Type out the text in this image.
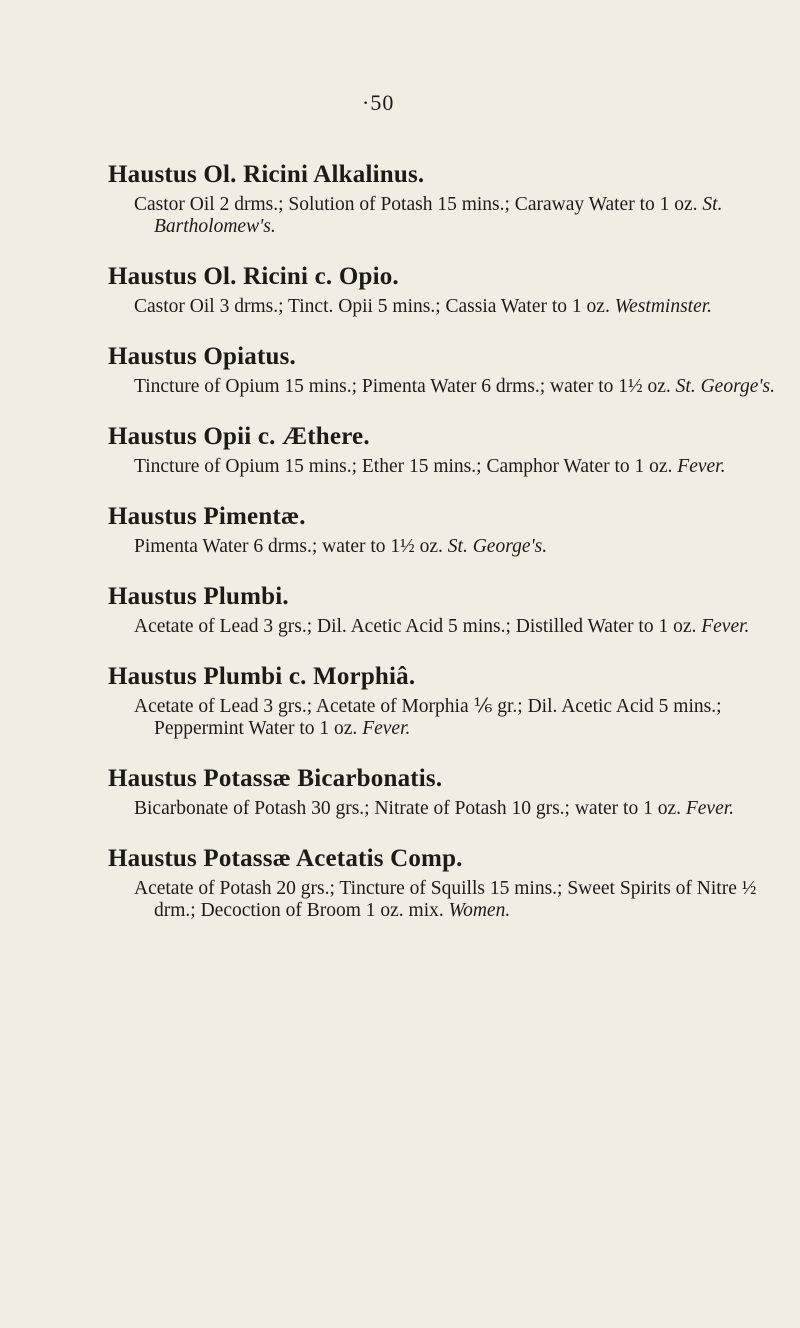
·50
Haustus Ol. Ricini Alkalinus.
Castor Oil 2 drms.; Solution of Potash 15 mins.; Caraway Water to 1 oz. St. Bartholomew's.
Haustus Ol. Ricini c. Opio.
Castor Oil 3 drms.; Tinct. Opii 5 mins.; Cassia Water to 1 oz. Westminster.
Haustus Opiatus.
Tincture of Opium 15 mins.; Pimenta Water 6 drms.; water to 1½ oz. St. George's.
Haustus Opii c. Æthere.
Tincture of Opium 15 mins.; Ether 15 mins.; Camphor Water to 1 oz. Fever.
Haustus Pimentæ.
Pimenta Water 6 drms.; water to 1½ oz. St. George's.
Haustus Plumbi.
Acetate of Lead 3 grs.; Dil. Acetic Acid 5 mins.; Distilled Water to 1 oz. Fever.
Haustus Plumbi c. Morphiâ.
Acetate of Lead 3 grs.; Acetate of Morphia ⅙ gr.; Dil. Acetic Acid 5 mins.; Peppermint Water to 1 oz. Fever.
Haustus Potassæ Bicarbonatis.
Bicarbonate of Potash 30 grs.; Nitrate of Potash 10 grs.; water to 1 oz. Fever.
Haustus Potassæ Acetatis Comp.
Acetate of Potash 20 grs.; Tincture of Squills 15 mins.; Sweet Spirits of Nitre ½ drm.; Decoction of Broom 1 oz. mix. Women.
